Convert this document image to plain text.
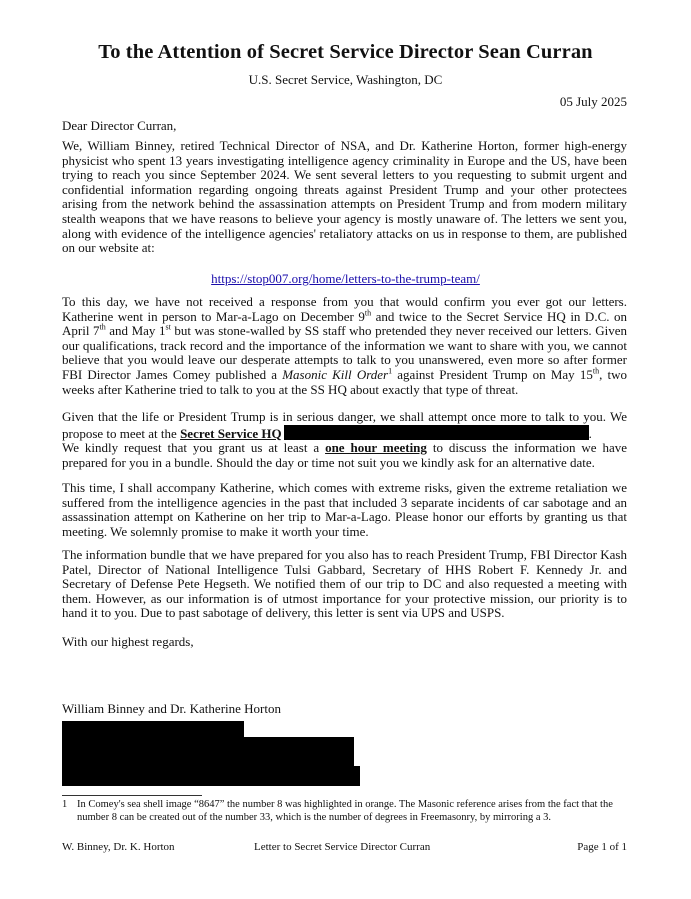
To the Attention of Secret Service Director Sean Curran
U.S. Secret Service, Washington, DC
05 July 2025
Dear Director Curran,

We, William Binney, retired Technical Director of NSA, and Dr. Katherine Horton, former high-energy physicist who spent 13 years investigating intelligence agency criminality in Europe and the US, have been trying to reach you since September 2024. We sent several letters to you requesting to submit urgent and confidential information regarding ongoing threats against President Trump and your other protectees arising from the network behind the assassination attempts on President Trump and from modern military stealth weapons that we have reasons to believe your agency is mostly unaware of. The letters we sent you, along with evidence of the intelligence agencies' retaliatory attacks on us in response to them, are published on our website at:

https://stop007.org/home/letters-to-the-trump-team/

To this day, we have not received a response from you that would confirm you ever got our letters. Katherine went in person to Mar-a-Lago on December 9th and twice to the Secret Service HQ in D.C. on April 7th and May 1st but was stone-walled by SS staff who pretended they never received our letters. Given our qualifications, track record and the importance of the information we want to share with you, we cannot believe that you would leave our desperate attempts to talk to you unanswered, even more so after former FBI Director James Comey published a Masonic Kill Order$^1$ against President Trump on May 15th, two weeks after Katherine tried to talk to you at the SS HQ about exactly that type of threat.

Given that the life or President Trump is in serious danger, we shall attempt once more to talk to you. We propose to meet at the Secret Service HQ	.
We kindly request that you grant us at least a one hour meeting to discuss the information we have prepared for you in a bundle. Should the day or time not suit you we kindly ask for an alternative date.

This time, I shall accompany Katherine, which comes with extreme risks, given the extreme retaliation we suffered from the intelligence agencies in the past that included 3 separate incidents of car sabotage and an assassination attempt on Katherine on her trip to Mar-a-Lago. Please honor our efforts by granting us that meeting. We solemnly promise to make it worth your time.

The information bundle that we have prepared for you also has to reach President Trump, FBI Director Kash Patel, Director of National Intelligence Tulsi Gabbard, Secretary of HHS Robert F. Kennedy Jr. and Secretary of Defense Pete Hegseth. We notified them of our trip to DC and also requested a meeting with them. However, as our information is of utmost importance for your protective mission, our priority is to hand it to you. Due to past sabotage of delivery, this letter is sent via UPS and USPS.

With our highest regards,
William Binney and Dr. Katherine Horton
1 In Comey's sea shell image “8647” the number 8 was highlighted in orange. The Masonic reference arises from the fact that the number 8 can be created out of the number 33, which is the number of degrees in Freemasonry, by mirroring a 3.
W. Binney, Dr. K. Horton	Letter to Secret Service Director Curran	Page 1 of 1
